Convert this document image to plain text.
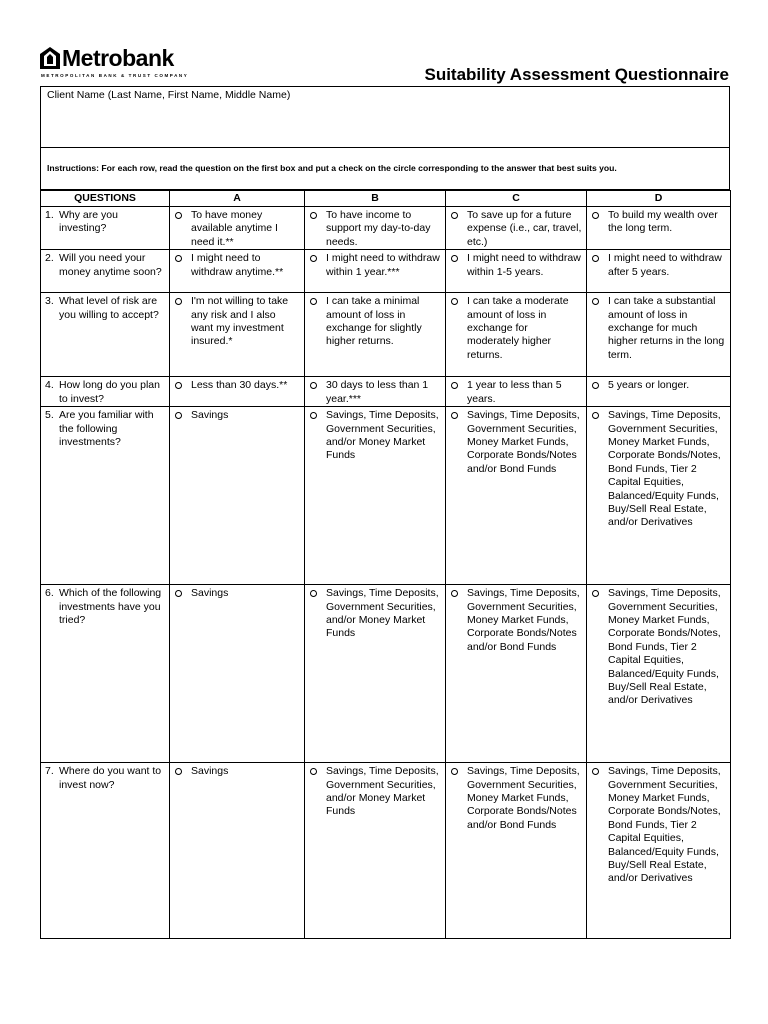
Metrobank
METROPOLITAN BANK & TRUST COMPANY	Suitability Assessment Questionnaire
Client Name (Last Name, First Name, Middle Name)
Instructions: For each row, read the question on the first box and put a check on the circle corresponding to the answer that best suits you.
QUESTIONS	A	B	C	D

1. Why are you investing?	To have money available anytime I need it.**	To have income to support my day-to-day needs.	To save up for a future expense (i.e., car, travel, etc.)	To build my wealth over the long term.

2. Will you need your money anytime soon?	I might need to withdraw anytime.**	I might need to withdraw within 1 year.***	I might need to withdraw within 1-5 years.	I might need to withdraw after 5 years.

3. What level of risk are you willing to accept?	I'm not willing to take any risk and I also want my investment insured.*	I can take a minimal amount of loss in exchange for slightly higher returns.	I can take a moderate amount of loss in exchange for moderately higher returns.	I can take a substantial amount of loss in exchange for much higher returns in the long term.

4. How long do you plan to invest?	Less than 30 days.**	30 days to less than 1 year.***	1 year to less than 5 years.	5 years or longer.

5. Are you familiar with the following investments?	Savings	Savings, Time Deposits, Government Securities, and/or Money Market Funds	Savings, Time Deposits, Government Securities, Money Market Funds, Corporate Bonds/Notes and/or Bond Funds	Savings, Time Deposits, Government Securities, Money Market Funds, Corporate Bonds/Notes, Bond Funds, Tier 2 Capital Equities, Balanced/Equity Funds, Buy/Sell Real Estate, and/or Derivatives

6. Which of the following investments have you tried?	Savings	Savings, Time Deposits, Government Securities, and/or Money Market Funds	Savings, Time Deposits, Government Securities, Money Market Funds, Corporate Bonds/Notes and/or Bond Funds	Savings, Time Deposits, Government Securities, Money Market Funds, Corporate Bonds/Notes, Bond Funds, Tier 2 Capital Equities, Balanced/Equity Funds, Buy/Sell Real Estate, and/or Derivatives

7. Where do you want to invest now?	Savings	Savings, Time Deposits, Government Securities, and/or Money Market Funds	Savings, Time Deposits, Government Securities, Money Market Funds, Corporate Bonds/Notes and/or Bond Funds	Savings, Time Deposits, Government Securities, Money Market Funds, Corporate Bonds/Notes, Bond Funds, Tier 2 Capital Equities, Balanced/Equity Funds, Buy/Sell Real Estate, and/or Derivatives
